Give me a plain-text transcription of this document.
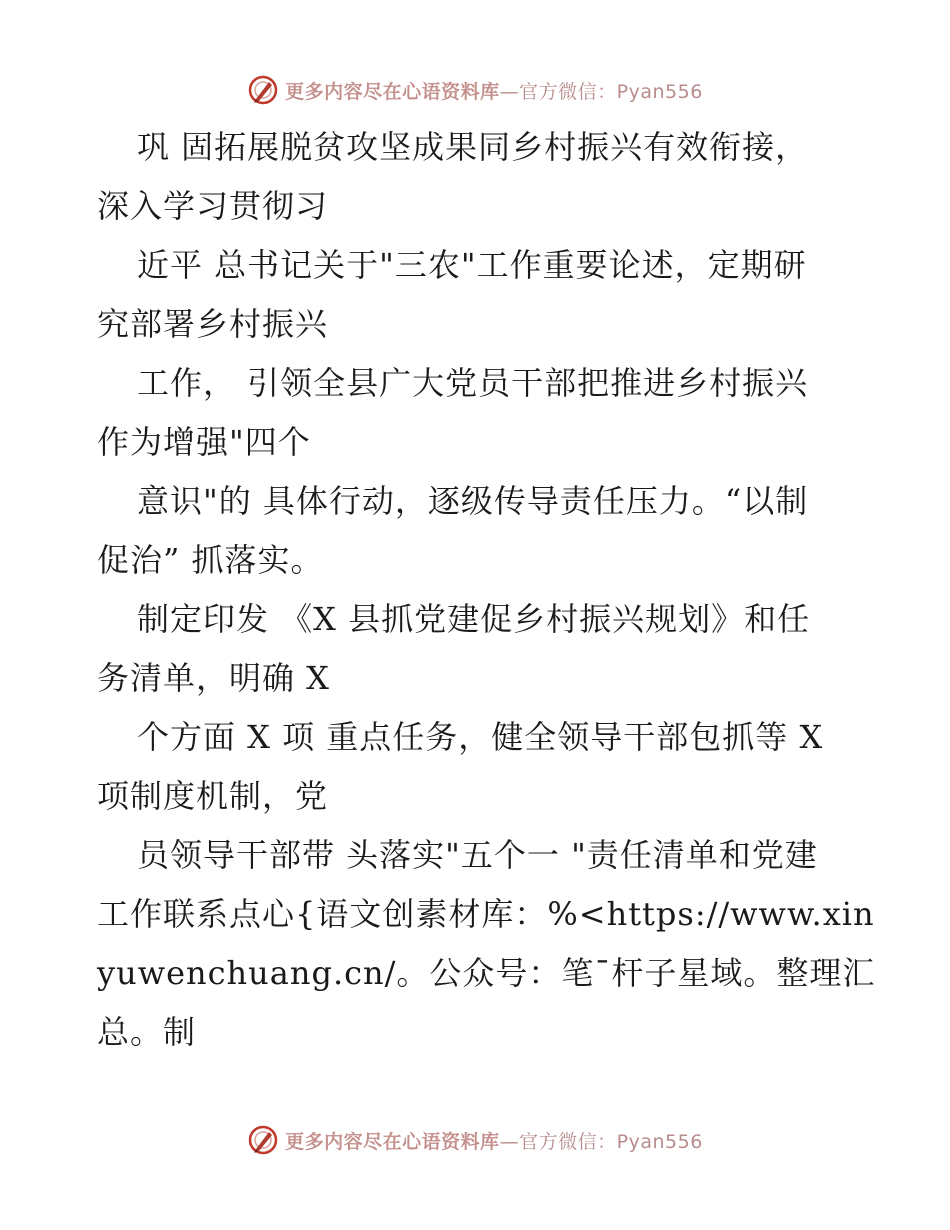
更多内容尽在心语资料库—官方微信：Pyan556
巩 固拓展脱贫攻坚成果同乡村振兴有效衔接，
深入学习贯彻习
近平 总书记关于"三农"工作重要论述，定期研
究部署乡村振兴
工作， 引领全县广大党员干部把推进乡村振兴
作为增强"四个
意识"的 具体行动，逐级传导责任压力。“以制
促治” 抓落实。
制定印发 《X 县抓党建促乡村振兴规划》和任
务清单，明确 X
个方面 X 项 重点任务，健全领导干部包抓等 X
项制度机制，党
员领导干部带 头落实"五个一 "责任清单和党建
工作联系点心{语文创素材库：%<https://www.xin
yuwenchuang.cn/。公众号：笔¯杆子星域。整理汇
总。制
更多内容尽在心语资料库—官方微信：Pyan556
